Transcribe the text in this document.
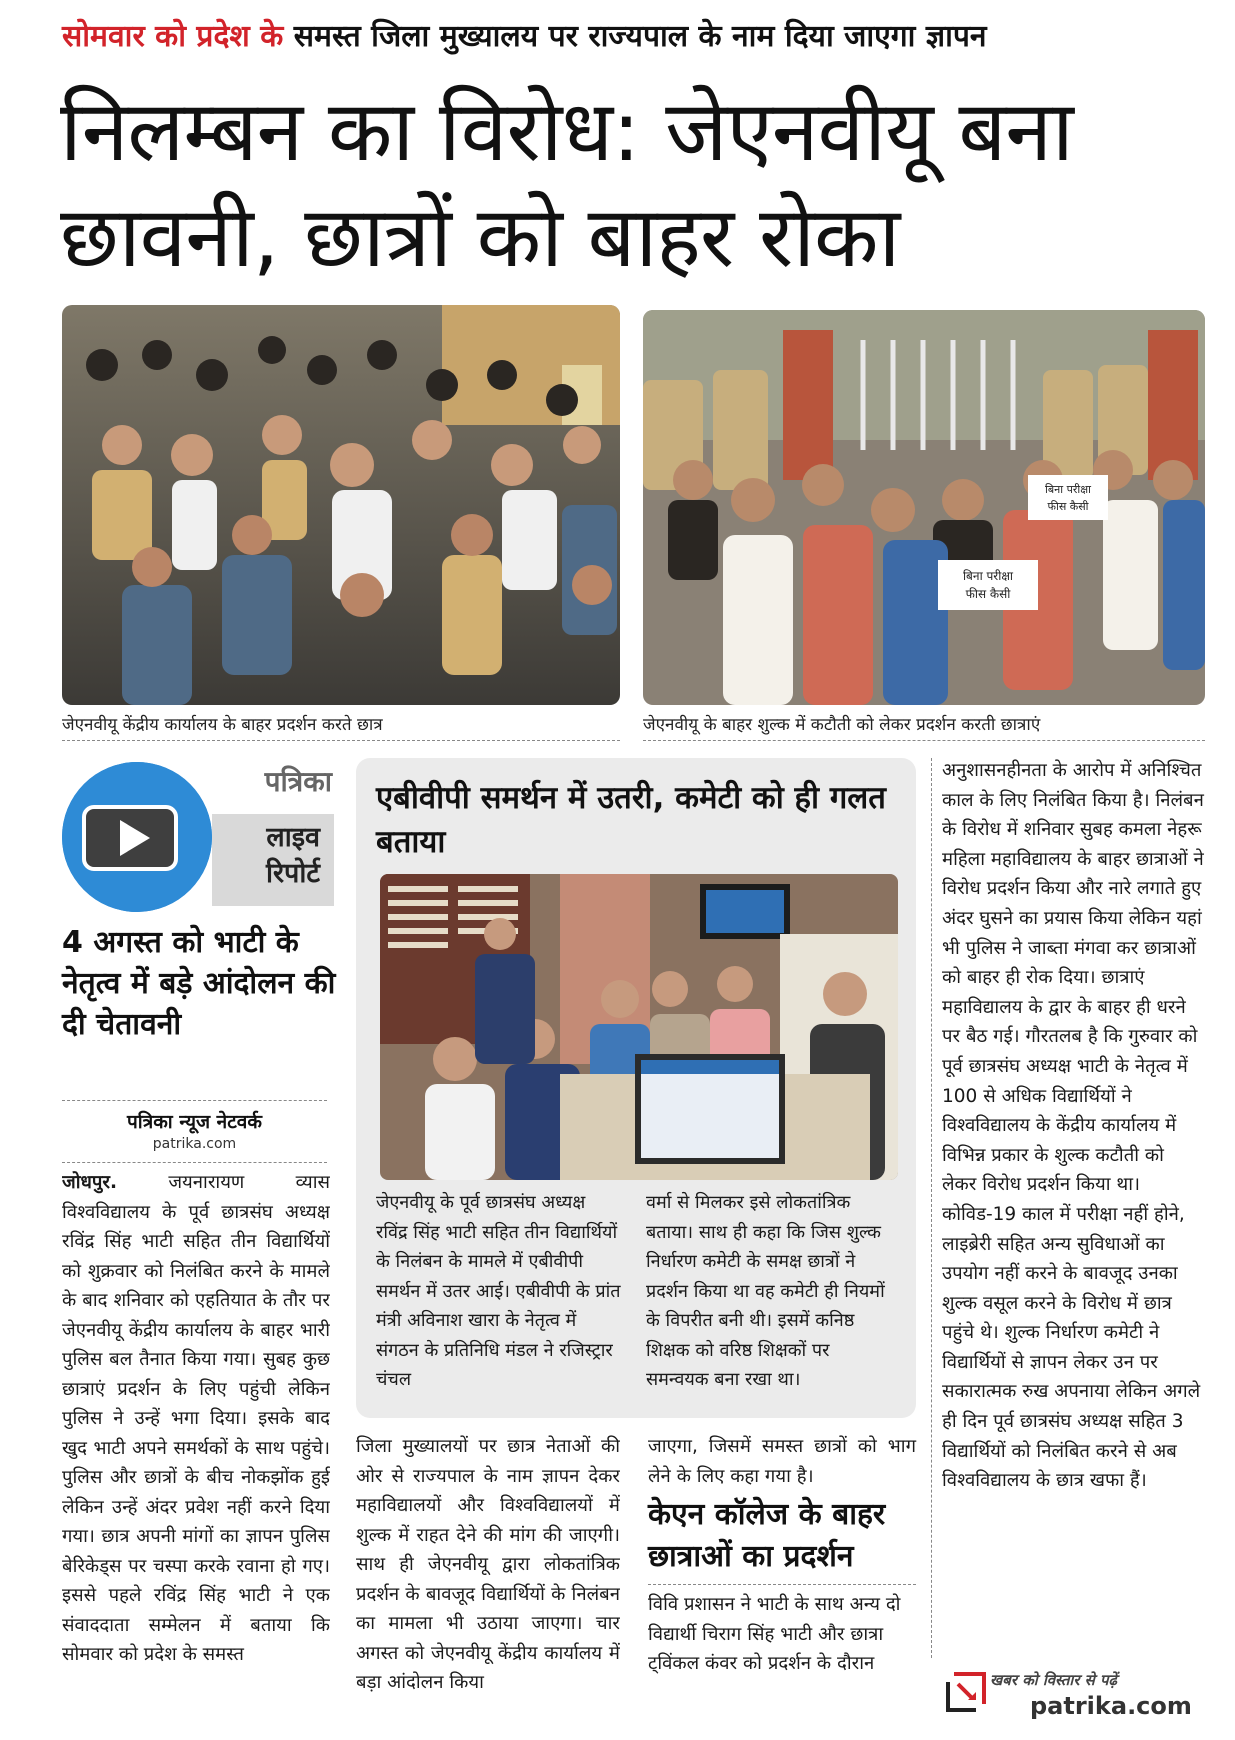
सोमवार को प्रदेश के समस्त जिला मुख्यालय पर राज्यपाल के नाम दिया जाएगा ज्ञापन
निलम्बन का विरोध: जेएनवीयू बना छावनी, छात्रों को बाहर रोका
जेएनवीयू केंद्रीय कार्यालय के बाहर प्रदर्शन करते छात्र
बिना परीक्षा
फीस कैसी
बिना परीक्षा
फीस कैसी
जेएनवीयू के बाहर शुल्क में कटौती को लेकर प्रदर्शन करती छात्राएं
पत्रिका
लाइव रिपोर्ट
4 अगस्त को भाटी के नेतृत्व में बड़े आंदोलन की दी चेतावनी
पत्रिका न्यूज नेटवर्क
patrika.com

जोधपुर. जयनारायण व्यास विश्वविद्यालय के पूर्व छात्रसंघ अध्यक्ष रविंद्र सिंह भाटी सहित तीन विद्यार्थियों को शुक्रवार को निलंबित करने के मामले के बाद शनिवार को एहतियात के तौर पर जेएनवीयू केंद्रीय कार्यालय के बाहर भारी पुलिस बल तैनात किया गया। सुबह कुछ छात्राएं प्रदर्शन के लिए पहुंची लेकिन पुलिस ने उन्हें भगा दिया। इसके बाद खुद भाटी अपने समर्थकों के साथ पहुंचे। पुलिस और छात्रों के बीच नोकझोंक हुई लेकिन उन्हें अंदर प्रवेश नहीं करने दिया गया। छात्र अपनी मांगों का ज्ञापन पुलिस बेरिकेड्स पर चस्पा करके रवाना हो गए। इससे पहले रविंद्र सिंह भाटी ने एक संवाददाता सम्मेलन में बताया कि सोमवार को प्रदेश के समस्त

एबीवीपी समर्थन में उतरी, कमेटी को ही गलत बताया
जेएनवीयू के पूर्व छात्रसंघ अध्यक्ष रविंद्र सिंह भाटी सहित तीन विद्यार्थियों के निलंबन के मामले में एबीवीपी समर्थन में उतर आई। एबीवीपी के प्रांत मंत्री अविनाश खारा के नेतृत्व में संगठन के प्रतिनिधि मंडल ने रजिस्ट्रार चंचल
वर्मा से मिलकर इसे लोकतांत्रिक बताया। साथ ही कहा कि जिस शुल्क निर्धारण कमेटी के समक्ष छात्रों ने प्रदर्शन किया था वह कमेटी ही नियमों के विपरीत बनी थी। इसमें कनिष्ठ शिक्षक को वरिष्ठ शिक्षकों पर समन्वयक बना रखा था।
जिला मुख्यालयों पर छात्र नेताओं की ओर से राज्यपाल के नाम ज्ञापन देकर महाविद्यालयों और विश्वविद्यालयों में शुल्क में राहत देने की मांग की जाएगी। साथ ही जेएनवीयू द्वारा लोकतांत्रिक प्रदर्शन के बावजूद विद्यार्थियों के निलंबन का मामला भी उठाया जाएगा। चार अगस्त को जेएनवीयू केंद्रीय कार्यालय में बड़ा आंदोलन किया
जाएगा, जिसमें समस्त छात्रों को भाग लेने के लिए कहा गया है।
केएन कॉलेज के बाहर छात्राओं का प्रदर्शन
विवि प्रशासन ने भाटी के साथ अन्य दो विद्यार्थी चिराग सिंह भाटी और छात्रा ट्विंकल कंवर को प्रदर्शन के दौरान
अनुशासनहीनता के आरोप में अनिश्चित काल के लिए निलंबित किया है। निलंबन के विरोध में शनिवार सुबह कमला नेहरू महिला महाविद्यालय के बाहर छात्राओं ने विरोध प्रदर्शन किया और नारे लगाते हुए अंदर घुसने का प्रयास किया लेकिन यहां भी पुलिस ने जाब्ता मंगवा कर छात्राओं को बाहर ही रोक दिया। छात्राएं महाविद्यालय के द्वार के बाहर ही धरने पर बैठ गई। गौरतलब है कि गुरुवार को पूर्व छात्रसंघ अध्यक्ष भाटी के नेतृत्व में 100 से अधिक विद्यार्थियों ने विश्वविद्यालय के केंद्रीय कार्यालय में विभिन्न प्रकार के शुल्क कटौती को लेकर विरोध प्रदर्शन किया था। कोविड-19 काल में परीक्षा नहीं होने, लाइब्रेरी सहित अन्य सुविधाओं का उपयोग नहीं करने के बावजूद उनका शुल्क वसूल करने के विरोध में छात्र पहुंचे थे। शुल्क निर्धारण कमेटी ने विद्यार्थियों से ज्ञापन लेकर उन पर सकारात्मक रुख अपनाया लेकिन अगले ही दिन पूर्व छात्रसंघ अध्यक्ष सहित 3 विद्यार्थियों को निलंबित करने से अब विश्वविद्यालय के छात्र खफा हैं।
खबर को विस्तार से पढ़ें
patrika.com
